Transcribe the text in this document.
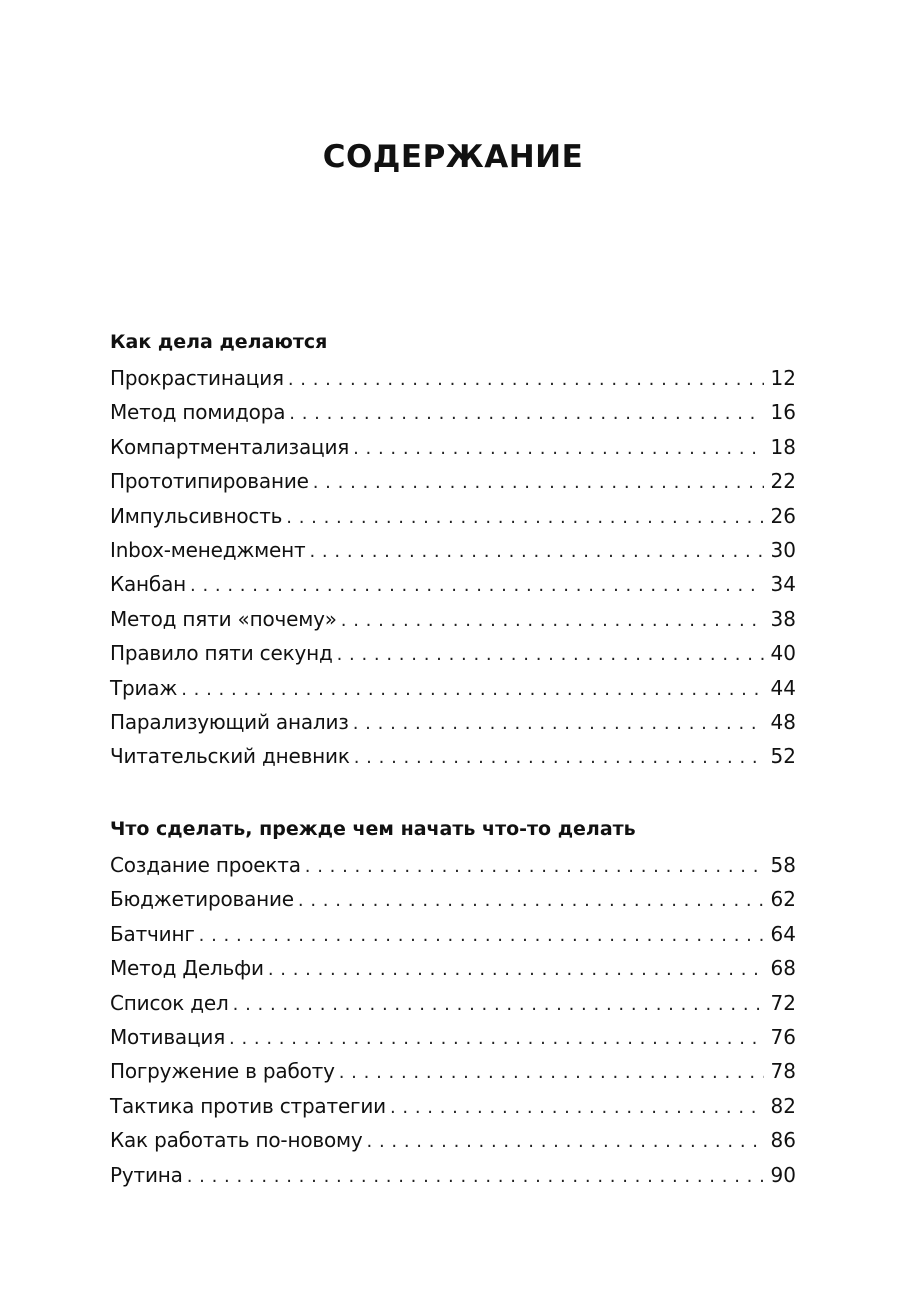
СОДЕРЖАНИЕ
Как дела делаются
Прокрастинация . . .	12
Метод помидора . . .	16
Компартментализация . . .	18
Прототипирование . . .	22
Импульсивность . . .	26
Inbox-менеджмент . . .	30
Канбан . . .	34
Метод пяти «почему» . . .	38
Правило пяти секунд . . .	40
Триаж . . .	44
Парализующий анализ . . .	48
Читательский дневник . . .	52
Что сделать, прежде чем начать что-то делать
Создание проекта . . .	58
Бюджетирование . . .	62
Батчинг . . .	64
Метод Дельфи . . .	68
Список дел . . .	72
Мотивация . . .	76
Погружение в работу . . .	78
Тактика против стратегии . . .	82
Как работать по-новому . . .	86
Рутина . . .	90
